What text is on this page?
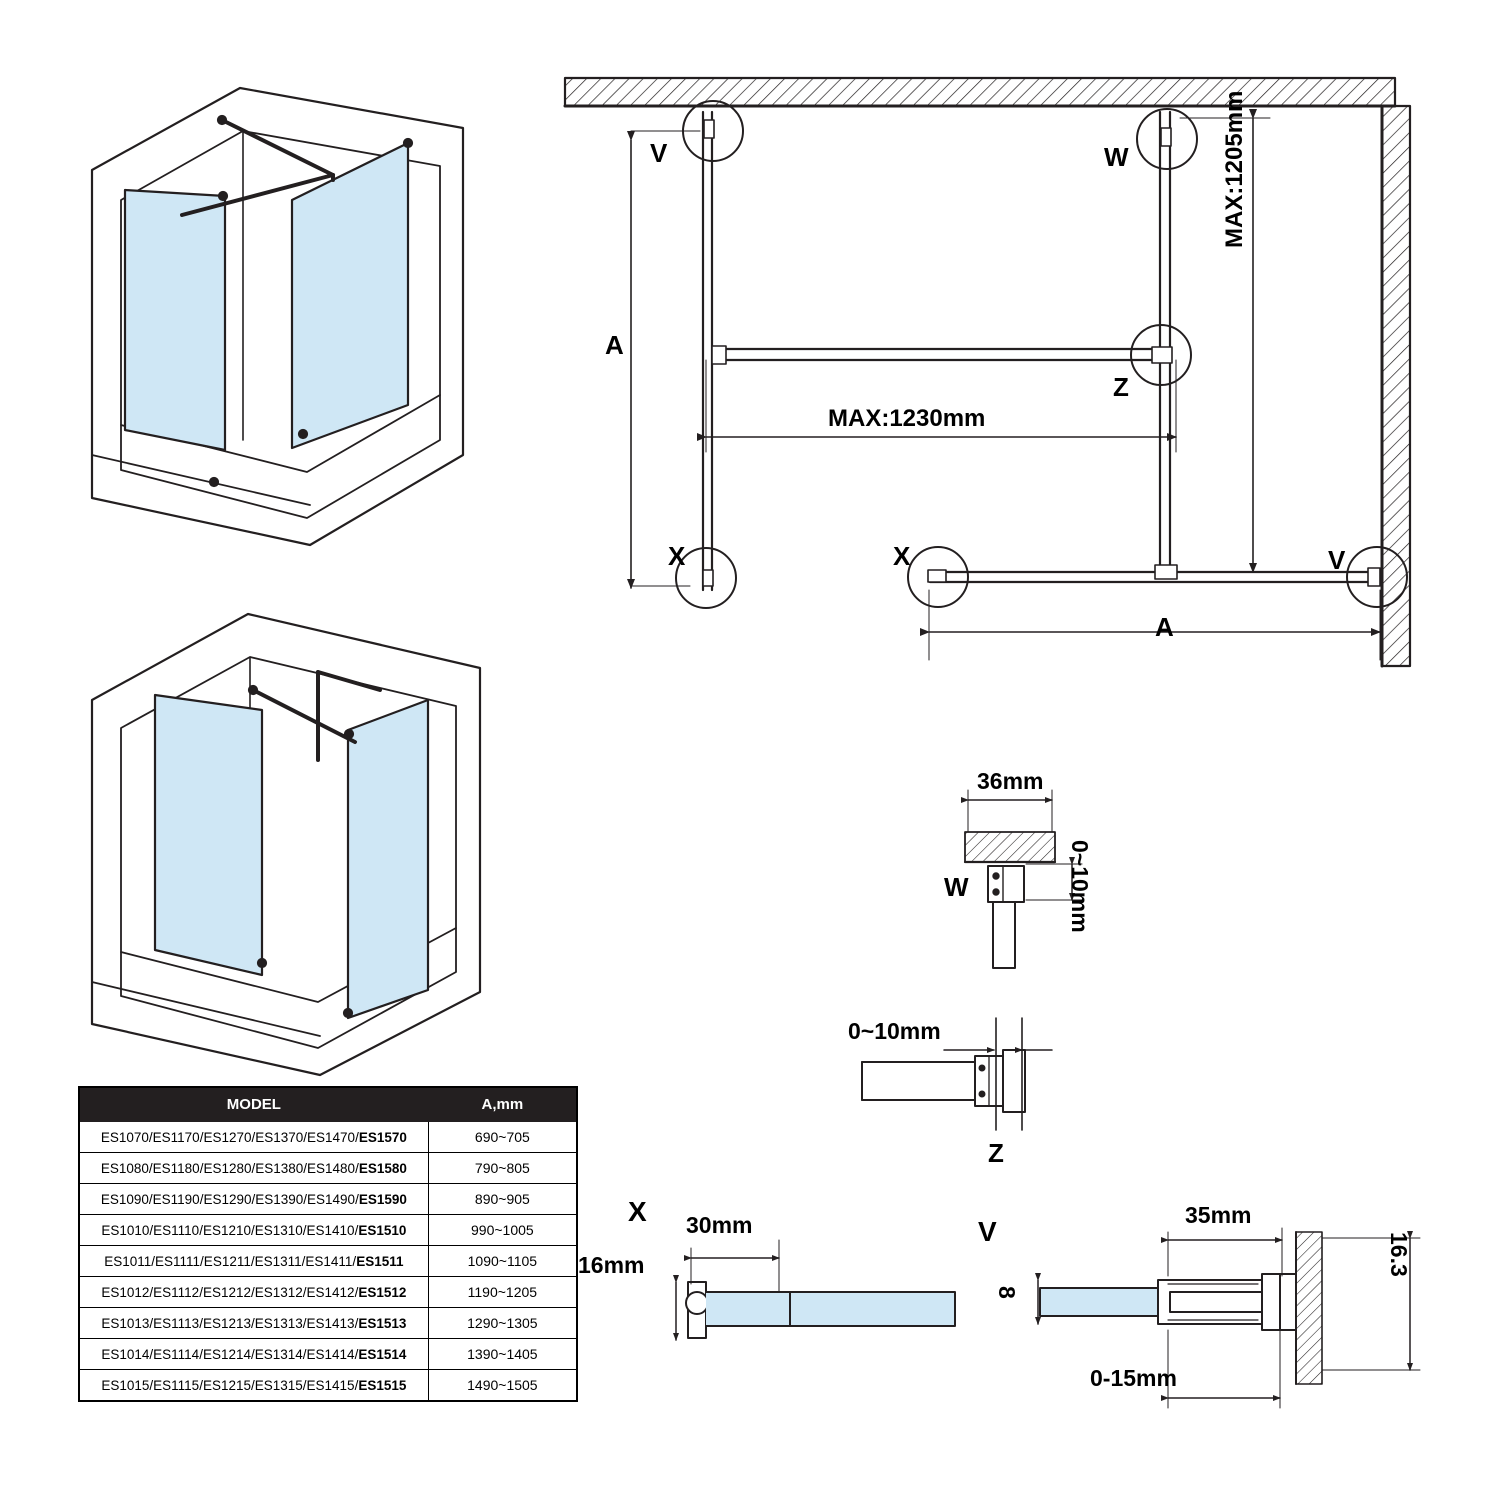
V	W
Z
X	X	V
A
A
MAX:1230mm
MAX:1205mm
36mm
0~10mm
W
0~10mm
Z
X 30mm
16mm
V
35mm
16.3
8
0-15mm
MODEL	A,mm
ES1070/ES1170/ES1270/ES1370/ES1470/ES1570	690~705
ES1080/ES1180/ES1280/ES1380/ES1480/ES1580	790~805
ES1090/ES1190/ES1290/ES1390/ES1490/ES1590	890~905
ES1010/ES1110/ES1210/ES1310/ES1410/ES1510	990~1005
ES1011/ES1111/ES1211/ES1311/ES1411/ES1511	1090~1105
ES1012/ES1112/ES1212/ES1312/ES1412/ES1512	1190~1205
ES1013/ES1113/ES1213/ES1313/ES1413/ES1513	1290~1305
ES1014/ES1114/ES1214/ES1314/ES1414/ES1514	1390~1405
ES1015/ES1115/ES1215/ES1315/ES1415/ES1515	1490~1505
